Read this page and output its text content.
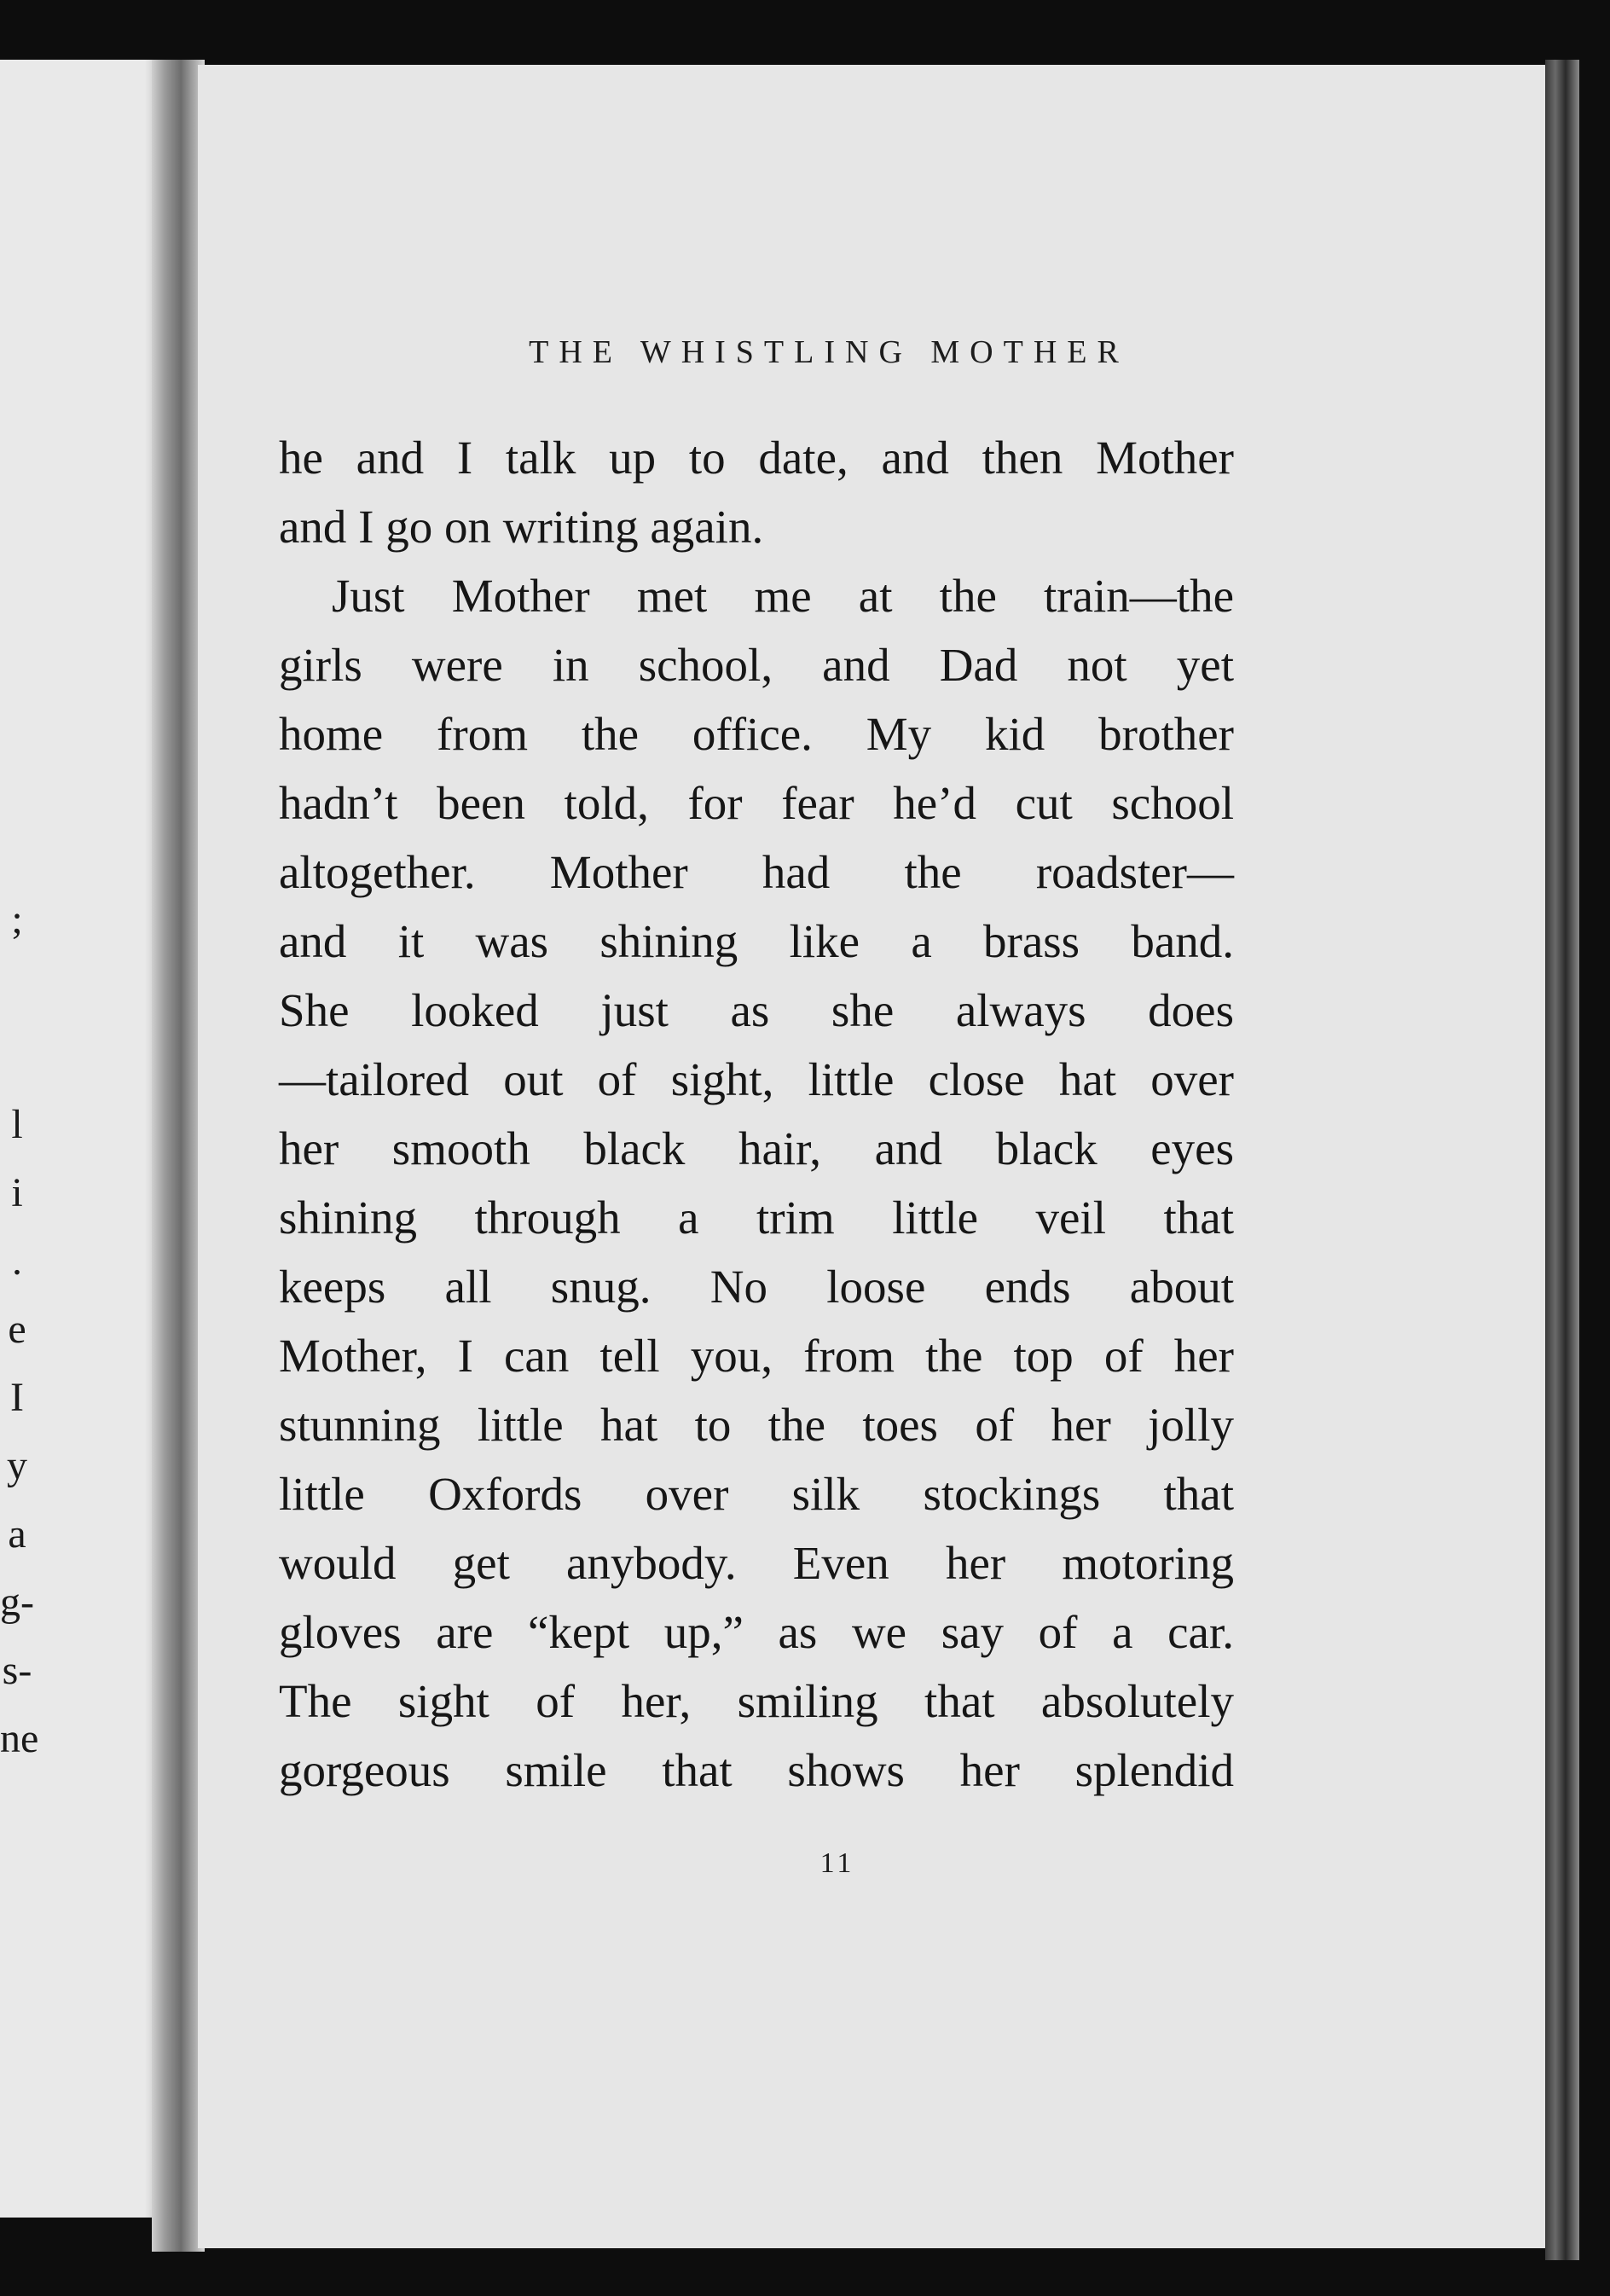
;
l
i
.
e
I
y
a
g-
s-
ne
THE WHISTLING MOTHER
he and I talk up to date, and then Mother
and I go on writing again.
Just Mother met me at the train—the
girls were in school, and Dad not yet
home from the office. My kid brother
hadn’t been told, for fear he’d cut school
altogether. Mother had the roadster—
and it was shining like a brass band.
She looked just as she always does
—tailored out of sight, little close hat over
her smooth black hair, and black eyes
shining through a trim little veil that
keeps all snug. No loose ends about
Mother, I can tell you, from the top of her
stunning little hat to the toes of her jolly
little Oxfords over silk stockings that
would get anybody. Even her motoring
gloves are “kept up,” as we say of a car.
The sight of her, smiling that absolutely
gorgeous smile that shows her splendid
11
